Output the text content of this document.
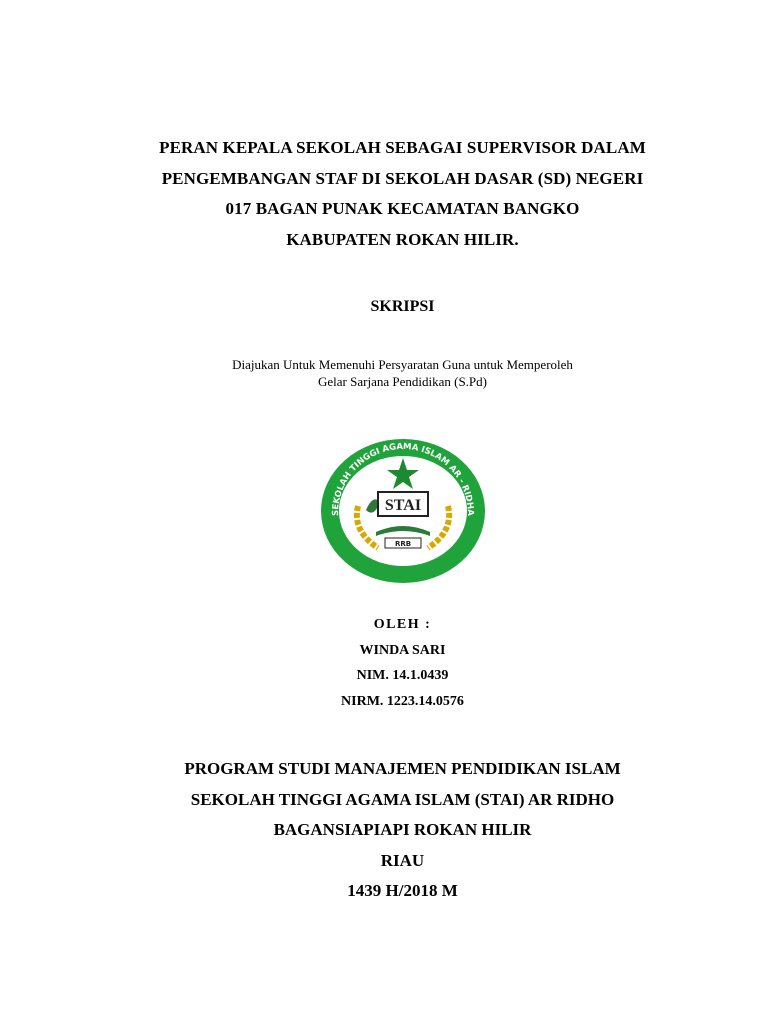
PERAN KEPALA SEKOLAH SEBAGAI SUPERVISOR DALAM
PENGEMBANGAN STAF DI SEKOLAH DASAR (SD) NEGERI
017 BAGAN PUNAK KECAMATAN BANGKO
KABUPATEN ROKAN HILIR.
SKRIPSI
Diajukan Untuk Memenuhi Persyaratan Guna untuk Memperoleh
Gelar Sarjana Pendidikan (S.Pd)
SEKOLAH TINGGI AGAMA ISLAM AR - RIDHA
BAGANSIAPIAPI - ROHIL
STAI
RRB
OLEH :
WINDA SARI
NIM. 14.1.0439
NIRM. 1223.14.0576
PROGRAM STUDI MANAJEMEN PENDIDIKAN ISLAM
SEKOLAH TINGGI AGAMA ISLAM (STAI) AR RIDHO
BAGANSIAPIAPI ROKAN HILIR
RIAU
1439 H/2018 M
